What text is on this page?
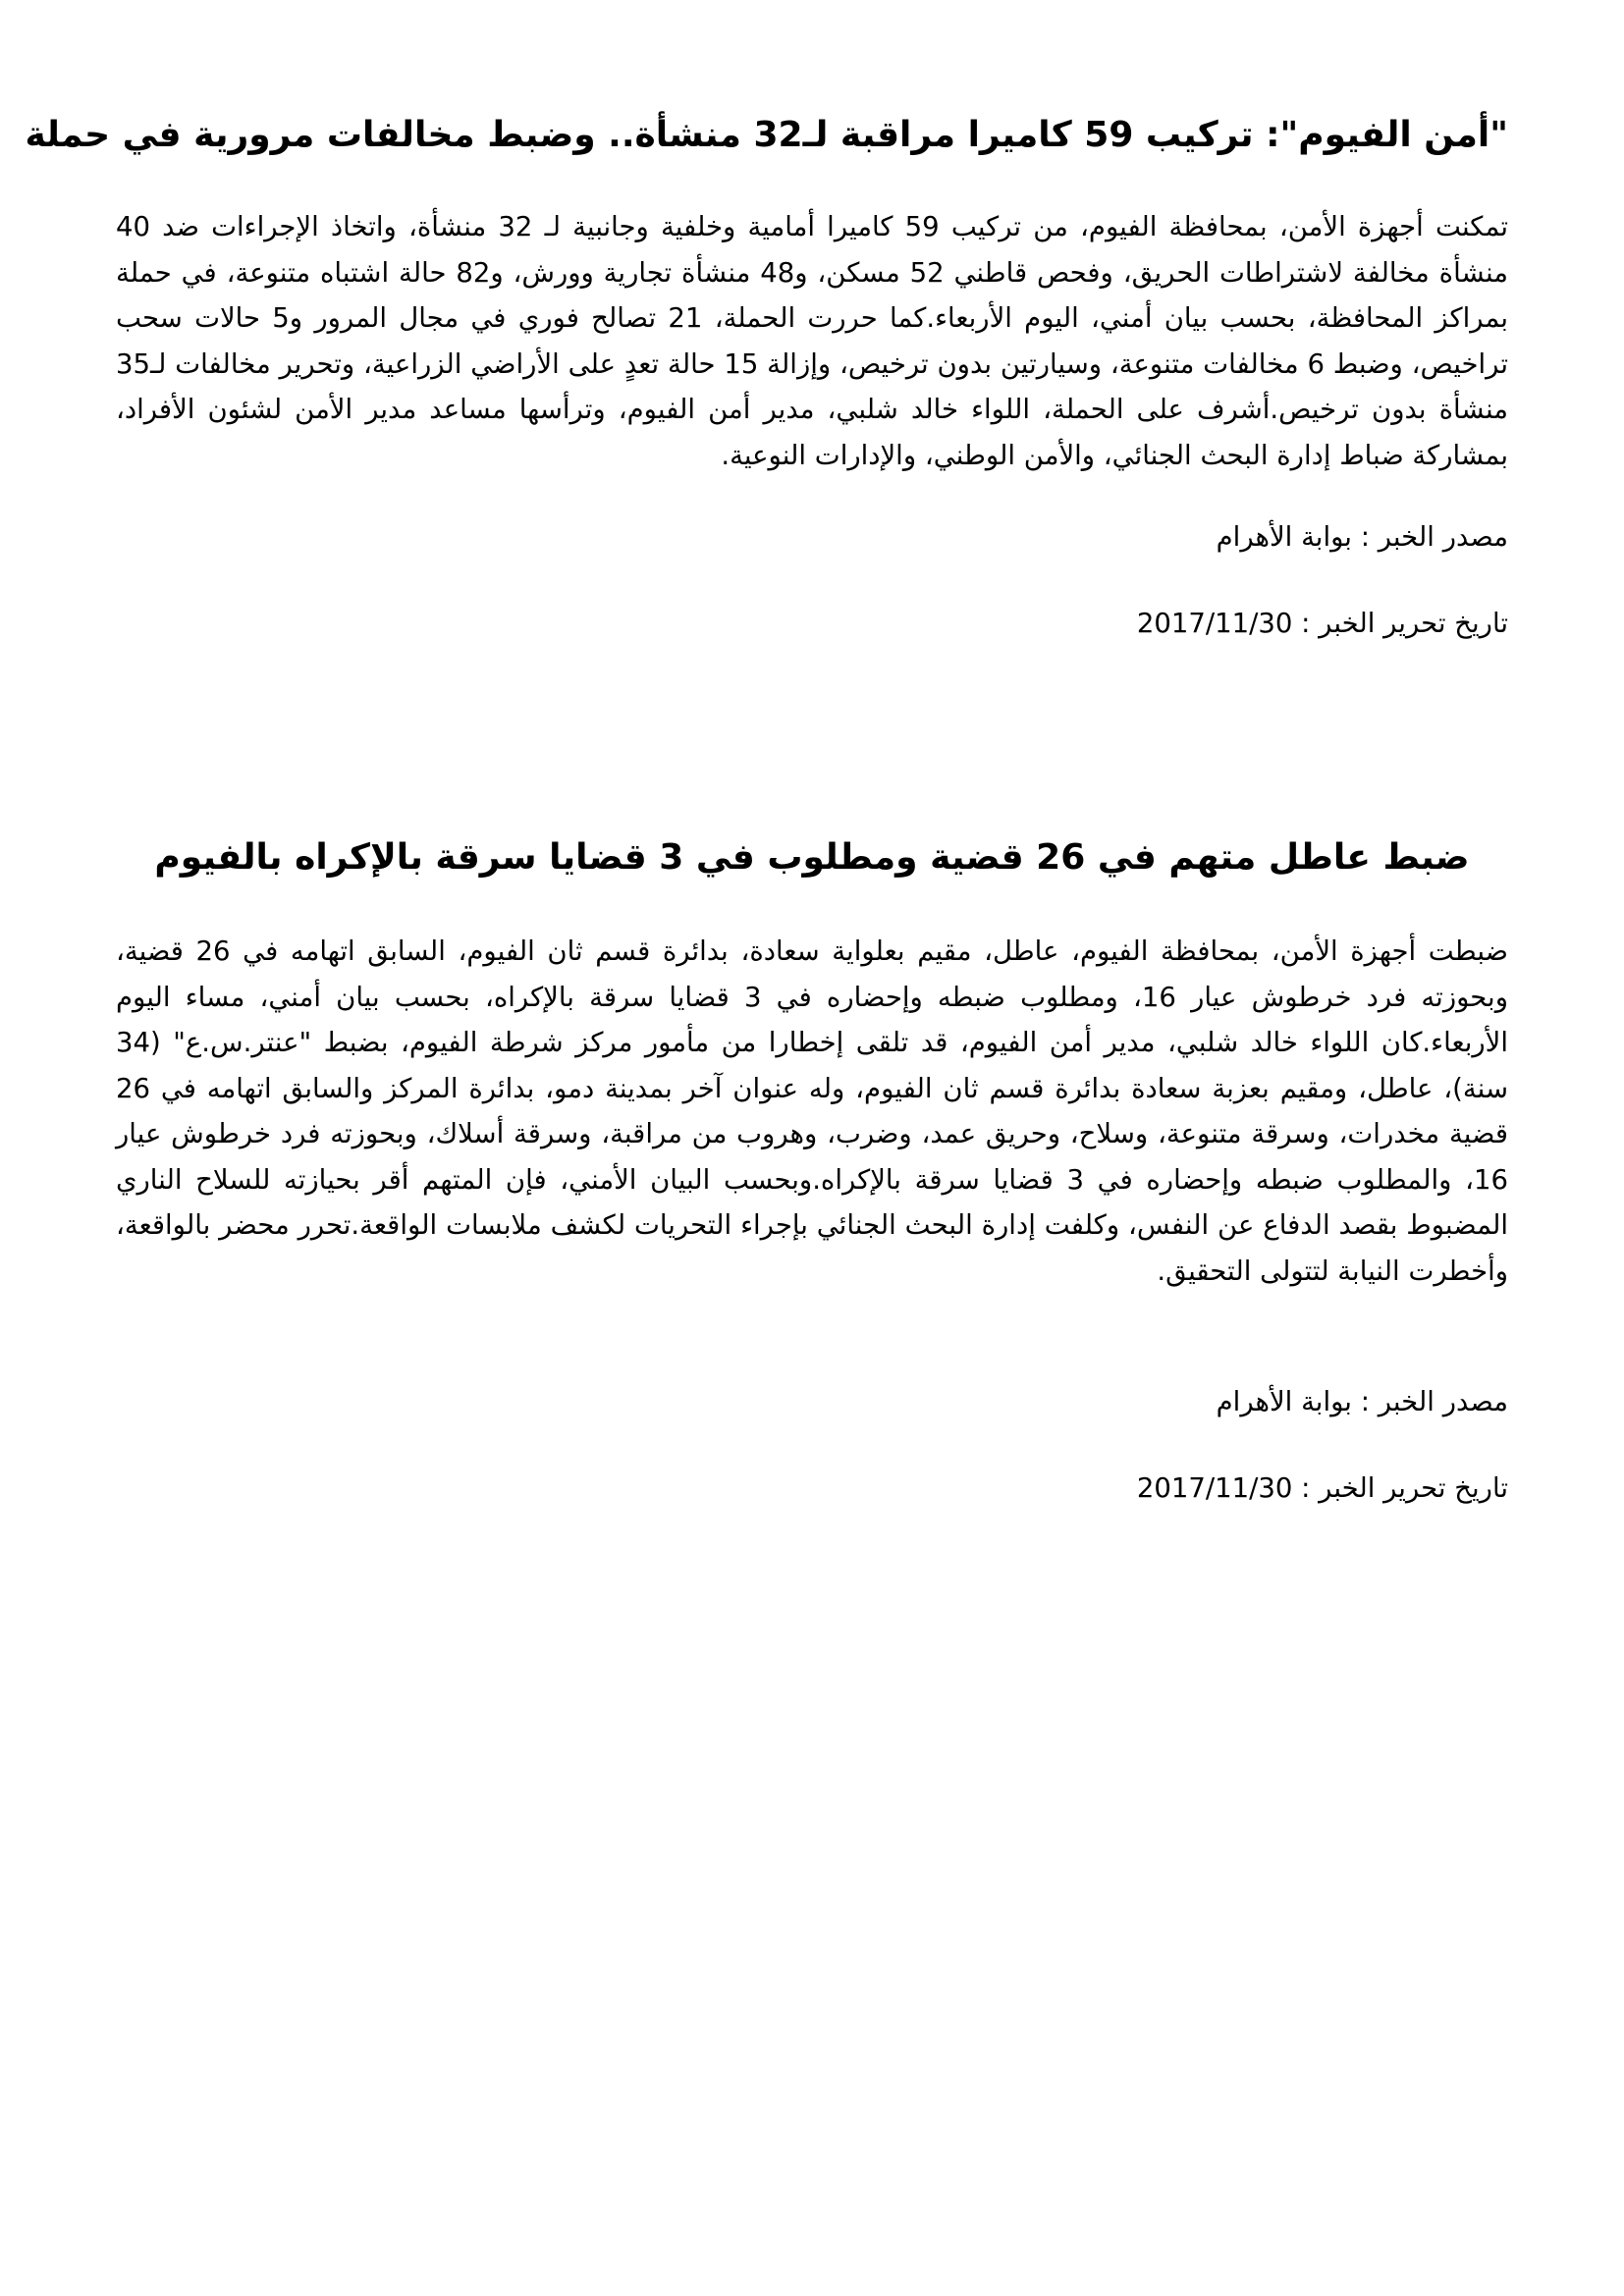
"أمن الفيوم": تركيب 59 كاميرا مراقبة لـ32 منشأة.. وضبط مخالفات مرورية في حملة

تمكنت أجهزة الأمن، بمحافظة الفيوم، من تركيب 59 كاميرا أمامية وخلفية وجانبية لـ 32 منشأة، واتخاذ الإجراءات ضد 40 منشأة مخالفة لاشتراطات الحريق، وفحص قاطني 52 مسكن، و48 منشأة تجارية وورش، و82 حالة اشتباه متنوعة، في حملة بمراكز المحافظة، بحسب بيان أمني، اليوم الأربعاء.كما حررت الحملة، 21 تصالح فوري في مجال المرور و5 حالات سحب تراخيص، وضبط 6 مخالفات متنوعة، وسيارتين بدون ترخيص، وإزالة 15 حالة تعدٍ على الأراضي الزراعية، وتحرير مخالفات لـ35 منشأة بدون ترخيص.أشرف على الحملة، اللواء خالد شلبي، مدير أمن الفيوم، وترأسها مساعد مدير الأمن لشئون الأفراد، بمشاركة ضباط إدارة البحث الجنائي، والأمن الوطني، والإدارات النوعية.

مصدر الخبر : بوابة الأهرام

تاريخ تحرير الخبر : 2017/11/30

ضبط عاطل متهم في 26 قضية ومطلوب في 3 قضايا سرقة بالإكراه بالفيوم

ضبطت أجهزة الأمن، بمحافظة الفيوم، عاطل، مقيم بعلواية سعادة، بدائرة قسم ثان الفيوم، السابق اتهامه في 26 قضية، وبحوزته فرد خرطوش عيار 16، ومطلوب ضبطه وإحضاره في 3 قضايا سرقة بالإكراه، بحسب بيان أمني، مساء اليوم الأربعاء.كان اللواء خالد شلبي، مدير أمن الفيوم، قد تلقى إخطارا من مأمور مركز شرطة الفيوم، بضبط "عنتر.س.ع" (34 سنة)، عاطل، ومقيم بعزبة سعادة بدائرة قسم ثان الفيوم، وله عنوان آخر بمدينة دمو، بدائرة المركز والسابق اتهامه في 26 قضية مخدرات، وسرقة متنوعة، وسلاح، وحريق عمد، وضرب، وهروب من مراقبة، وسرقة أسلاك، وبحوزته فرد خرطوش عيار 16، والمطلوب ضبطه وإحضاره في 3 قضايا سرقة بالإكراه.وبحسب البيان الأمني، فإن المتهم أقر بحيازته للسلاح الناري المضبوط بقصد الدفاع عن النفس، وكلفت إدارة البحث الجنائي بإجراء التحريات لكشف ملابسات الواقعة.تحرر محضر بالواقعة، وأخطرت النيابة لتتولى التحقيق.

مصدر الخبر : بوابة الأهرام

تاريخ تحرير الخبر : 2017/11/30
